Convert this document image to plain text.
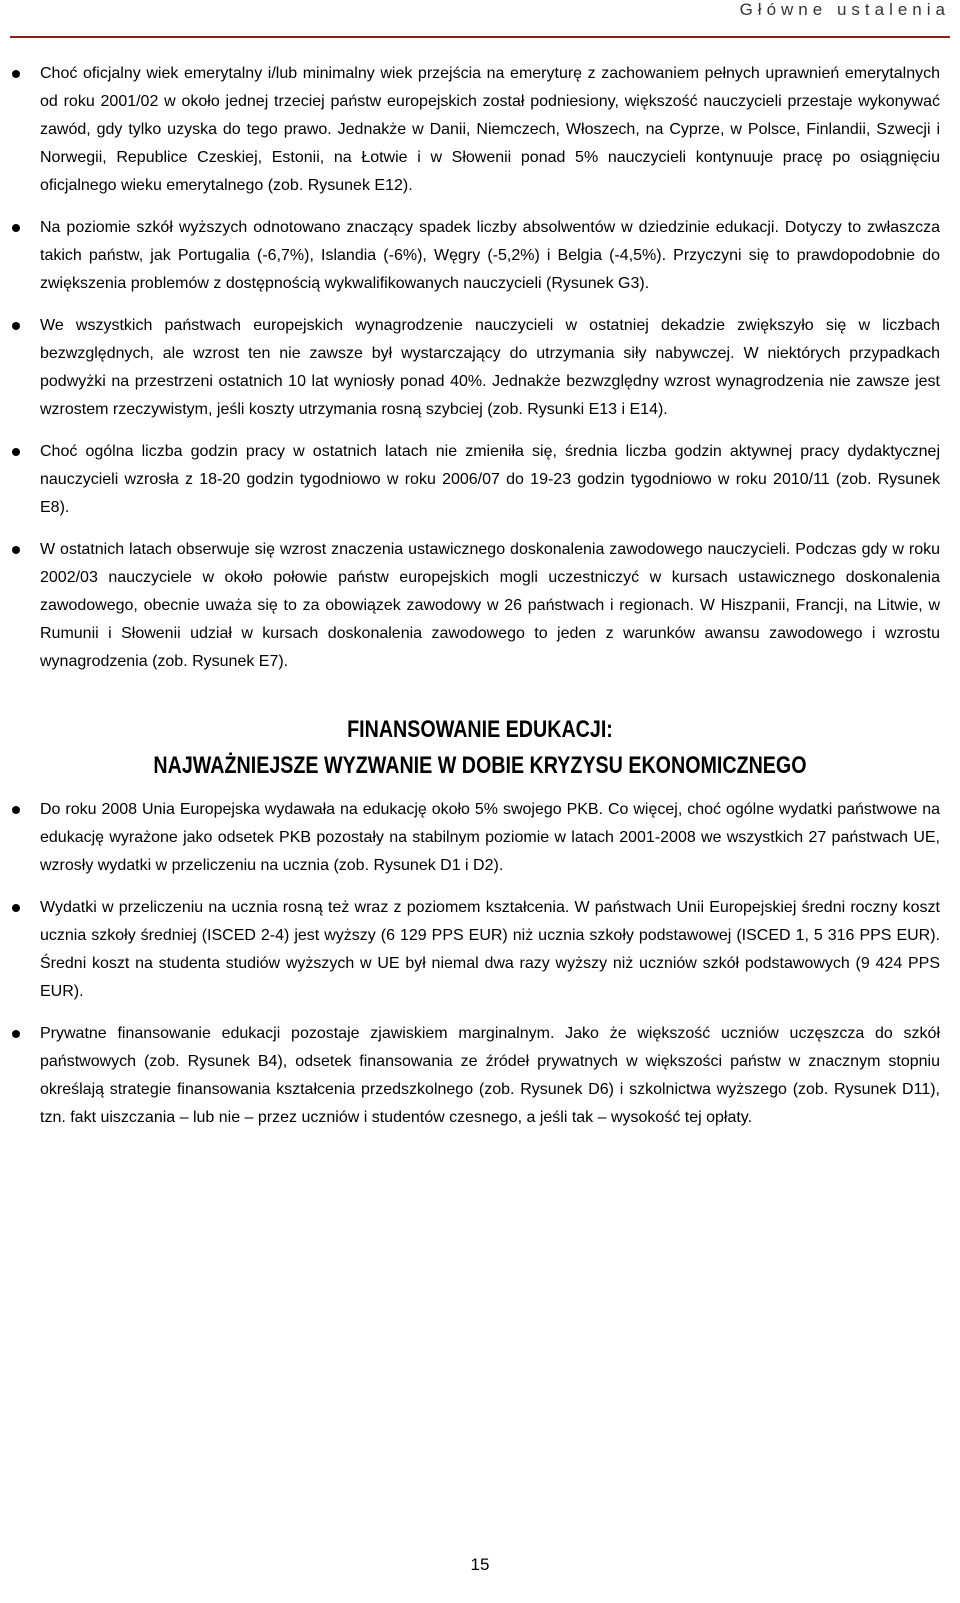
Główne ustalenia
Choć oficjalny wiek emerytalny i/lub minimalny wiek przejścia na emeryturę z zachowaniem pełnych uprawnień emerytalnych od roku 2001/02 w około jednej trzeciej państw europejskich został podniesiony, większość nauczycieli przestaje wykonywać zawód, gdy tylko uzyska do tego prawo. Jednakże w Danii, Niemczech, Włoszech, na Cyprze, w Polsce, Finlandii, Szwecji i Norwegii, Republice Czeskiej, Estonii, na Łotwie i w Słowenii ponad 5% nauczycieli kontynuuje pracę po osiągnięciu oficjalnego wieku emerytalnego (zob. Rysunek E12).
Na poziomie szkół wyższych odnotowano znaczący spadek liczby absolwentów w dziedzinie edukacji. Dotyczy to zwłaszcza takich państw, jak Portugalia (-6,7%), Islandia (-6%), Węgry (-5,2%) i Belgia (-4,5%). Przyczyni się to prawdopodobnie do zwiększenia problemów z dostępnością wykwalifikowanych nauczycieli (Rysunek G3).
We wszystkich państwach europejskich wynagrodzenie nauczycieli w ostatniej dekadzie zwiększyło się w liczbach bezwzględnych, ale wzrost ten nie zawsze był wystarczający do utrzymania siły nabywczej. W niektórych przypadkach podwyżki na przestrzeni ostatnich 10 lat wyniosły ponad 40%. Jednakże bezwzględny wzrost wynagrodzenia nie zawsze jest wzrostem rzeczywistym, jeśli koszty utrzymania rosną szybciej (zob. Rysunki E13 i E14).
Choć ogólna liczba godzin pracy w ostatnich latach nie zmieniła się, średnia liczba godzin aktywnej pracy dydaktycznej nauczycieli wzrosła z 18-20 godzin tygodniowo w roku 2006/07 do 19-23 godzin tygodniowo w roku 2010/11 (zob. Rysunek E8).
W ostatnich latach obserwuje się wzrost znaczenia ustawicznego doskonalenia zawodowego nauczycieli. Podczas gdy w roku 2002/03 nauczyciele w około połowie państw europejskich mogli uczestniczyć w kursach ustawicznego doskonalenia zawodowego, obecnie uważa się to za obowiązek zawodowy w 26 państwach i regionach. W Hiszpanii, Francji, na Litwie, w Rumunii i Słowenii udział w kursach doskonalenia zawodowego to jeden z warunków awansu zawodowego i wzrostu wynagrodzenia (zob. Rysunek E7).
FINANSOWANIE EDUKACJI:
NAJWAŻNIEJSZE WYZWANIE W DOBIE KRYZYSU EKONOMICZNEGO
Do roku 2008 Unia Europejska wydawała na edukację około 5% swojego PKB. Co więcej, choć ogólne wydatki państwowe na edukację wyrażone jako odsetek PKB pozostały na stabilnym poziomie w latach 2001-2008 we wszystkich 27 państwach UE, wzrosły wydatki w przeliczeniu na ucznia (zob. Rysunek D1 i D2).
Wydatki w przeliczeniu na ucznia rosną też wraz z poziomem kształcenia. W państwach Unii Europejskiej średni roczny koszt ucznia szkoły średniej (ISCED 2-4) jest wyższy (6 129 PPS EUR) niż ucznia szkoły podstawowej (ISCED 1, 5 316 PPS EUR). Średni koszt na studenta studiów wyższych w UE był niemal dwa razy wyższy niż uczniów szkół podstawowych (9 424 PPS EUR).
Prywatne finansowanie edukacji pozostaje zjawiskiem marginalnym. Jako że większość uczniów uczęszcza do szkół państwowych (zob. Rysunek B4), odsetek finansowania ze źródeł prywatnych w większości państw w znacznym stopniu określają strategie finansowania kształcenia przedszkolnego (zob. Rysunek D6) i szkolnictwa wyższego (zob. Rysunek D11), tzn. fakt uiszczania – lub nie – przez uczniów i studentów czesnego, a jeśli tak – wysokość tej opłaty.
15
